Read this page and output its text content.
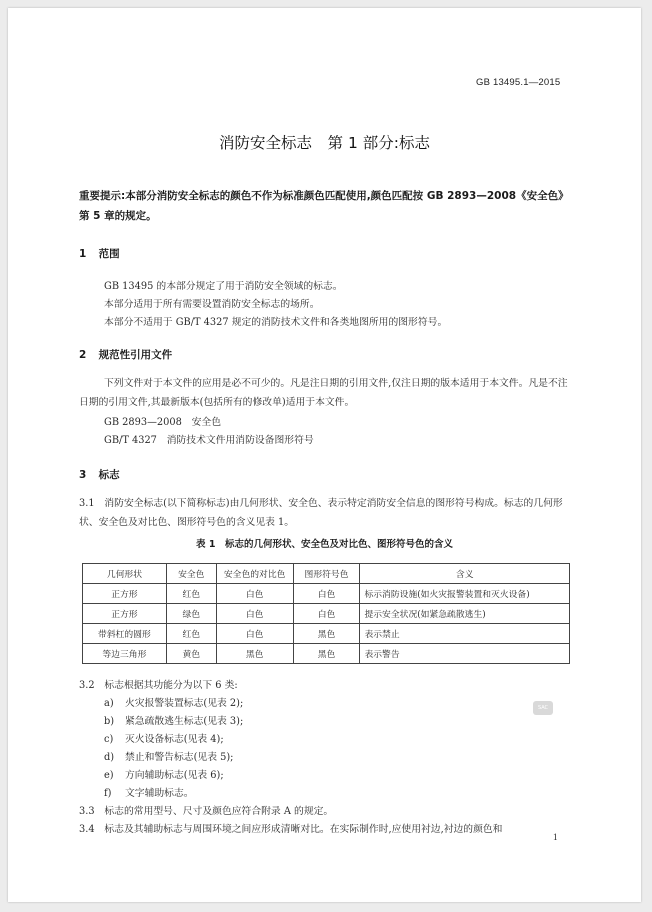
GB 13495.1—2015
消防安全标志　第 1 部分:标志
重要提示:本部分消防安全标志的颜色不作为标准颜色匹配使用,颜色匹配按 GB 2893—2008《安全色》第 5 章的规定。
1 范围
GB 13495 的本部分规定了用于消防安全领域的标志。
本部分适用于所有需要设置消防安全标志的场所。
本部分不适用于 GB/T 4327 规定的消防技术文件和各类地图所用的图形符号。
2 规范性引用文件
下列文件对于本文件的应用是必不可少的。凡是注日期的引用文件,仅注日期的版本适用于本文件。凡是不注日期的引用文件,其最新版本(包括所有的修改单)适用于本文件。
GB 2893—2008　安全色
GB/T 4327　消防技术文件用消防设备图形符号
3 标志
3.1　消防安全标志(以下简称标志)由几何形状、安全色、表示特定消防安全信息的图形符号构成。标志的几何形状、安全色及对比色、图形符号色的含义见表 1。
表 1　标志的几何形状、安全色及对比色、图形符号色的含义
几何形状	安全色	安全色的对比色	图形符号色	含义
正方形	红色	白色	白色	标示消防设施(如火灾报警装置和灭火设备)
正方形	绿色	白色	白色	提示安全状况(如紧急疏散逃生)
带斜杠的圆形	红色	白色	黑色	表示禁止
等边三角形	黄色	黑色	黑色	表示警告
3.2　标志根据其功能分为以下 6 类:
a) 火灾报警装置标志(见表 2);
b) 紧急疏散逃生标志(见表 3);
c) 灭火设备标志(见表 4);
d) 禁止和警告标志(见表 5);
e) 方向辅助标志(见表 6);
f) 文字辅助标志。
3.3　标志的常用型号、尺寸及颜色应符合附录 A 的规定。
3.4　标志及其辅助标志与周围环境之间应形成清晰对比。在实际制作时,应使用衬边,衬边的颜色和
SAC
1
